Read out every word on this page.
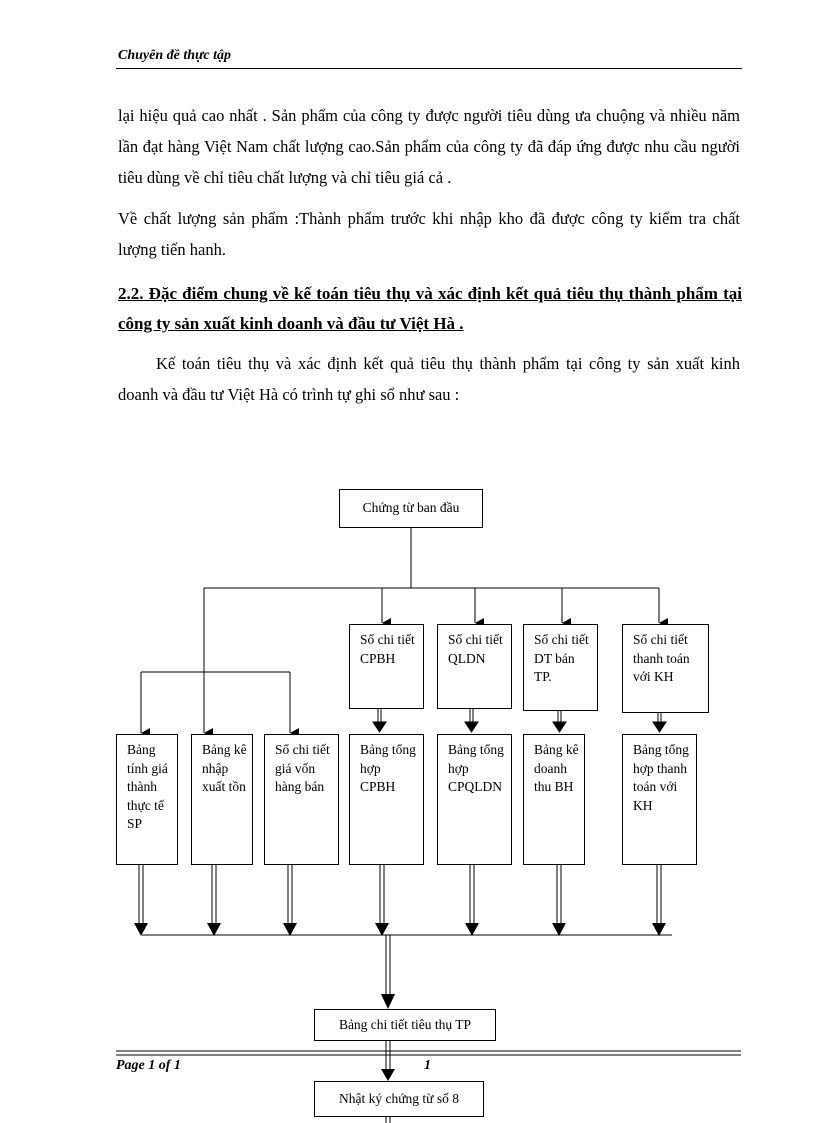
Chuyên đề thực tập
lại hiệu quả cao nhất . Sản phẩm của công ty được người tiêu dùng ưa chuộng và nhiều năm lần đạt hàng Việt Nam chất lượng cao.Sản phẩm của công ty đã đáp ứng được nhu cầu người tiêu dùng về chỉ tiêu chất lượng và chỉ tiêu giá cả .
Về chất lượng sản phẩm :Thành phẩm trước khi nhập kho đã được công ty kiểm tra chất lượng tiến hanh.
2.2. Đặc điểm chung về kế toán tiêu thụ và xác định kết quả tiêu thụ thành phẩm tại công ty sản xuất kinh doanh và đầu tư Việt Hà .
Kế toán tiêu thụ và xác định kết quả tiêu thụ thành phẩm tại công ty sản xuất kinh doanh và đầu tư Việt Hà có trình tự ghi sổ như sau :
Chứng từ ban đầu
Sổ chi tiết CPBH
Sổ chi tiết QLDN
Sổ chi tiết DT bán TP.
Sổ chi tiết thanh toán với KH
Bảng tính giá thành thực tế SP
Bảng kê nhập xuất tồn
Sổ chi tiết giá vốn hàng bán
Bảng tổng hợp CPBH
Bảng tổng hợp CPQLDN
Bảng kê doanh thu BH
Bảng tổng hợp thanh toán với KH
Bảng chi tiết tiêu thụ TP
Page 1 of 1	1
Nhật ký chứng từ số 8
